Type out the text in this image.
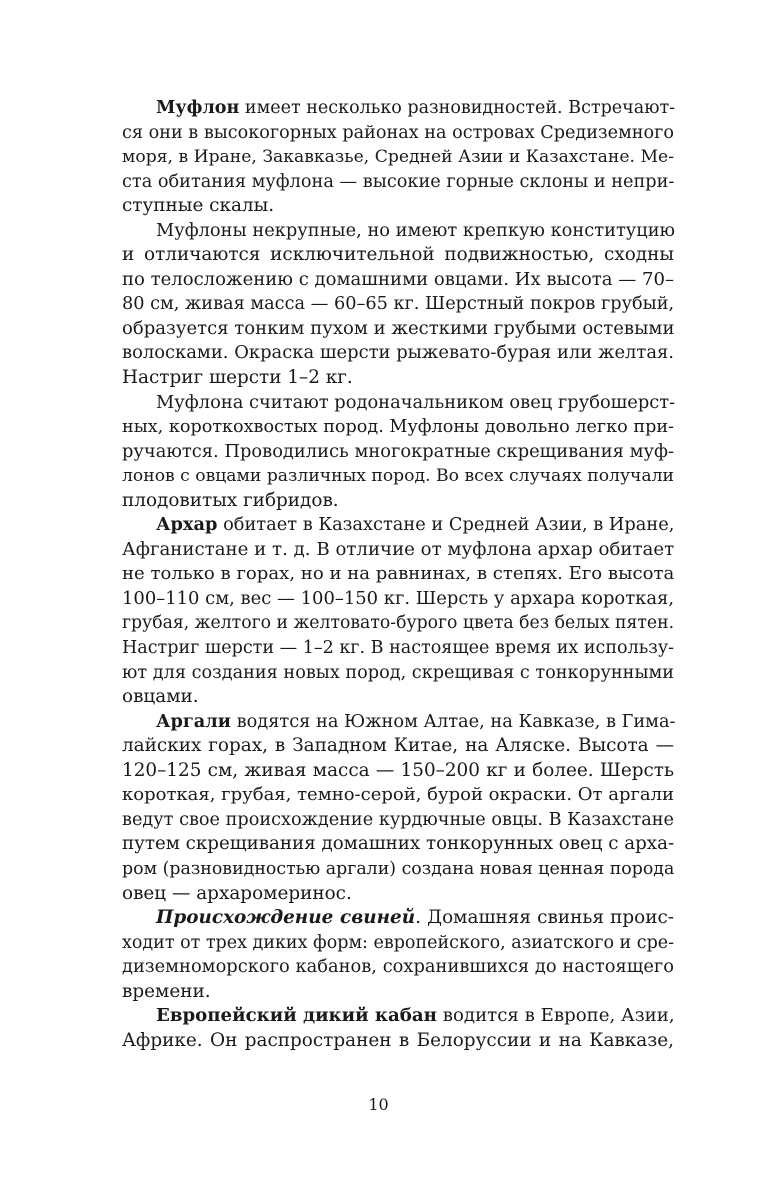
Муфлон имеет несколько разновидностей. Встречают-
ся они в высокогорных районах на островах Средиземного
моря, в Иране, Закавказье, Средней Азии и Казахстане. Ме-
ста обитания муфлона — высокие горные склоны и непри-
ступные скалы.

Муфлоны некрупные, но имеют крепкую конституцию
и отличаются исключительной подвижностью, сходны
по телосложению с домашними овцами. Их высота — 70–
80 см, живая масса — 60–65 кг. Шерстный покров грубый,
образуется тонким пухом и жесткими грубыми остевыми
волосками. Окраска шерсти рыжевато-бурая или желтая.
Настриг шерсти 1–2 кг.

Муфлона считают родоначальником овец грубошерст-
ных, короткохвостых пород. Муфлоны довольно легко при-
ручаются. Проводились многократные скрещивания муф-
лонов с овцами различных пород. Во всех случаях получали
плодовитых гибридов.

Архар обитает в Казахстане и Средней Азии, в Иране,
Афганистане и т. д. В отличие от муфлона архар обитает
не только в горах, но и на равнинах, в степях. Его высота
100–110 см, вес — 100–150 кг. Шерсть у архара короткая,
грубая, желтого и желтовато-бурого цвета без белых пятен.
Настриг шерсти — 1–2 кг. В настоящее время их использу-
ют для создания новых пород, скрещивая с тонкорунными
овцами.

Аргали водятся на Южном Алтае, на Кавказе, в Гима-
лайских горах, в Западном Китае, на Аляске. Высота —
120–125 см, живая масса — 150–200 кг и более. Шерсть
короткая, грубая, темно-серой, бурой окраски. От аргали
ведут свое происхождение курдючные овцы. В Казахстане
путем скрещивания домашних тонкорунных овец с арха-
ром (разновидностью аргали) создана новая ценная порода
овец — архаромеринос.

Происхождение свиней. Домашняя свинья проис-
ходит от трех диких форм: европейского, азиатского и сре-
диземноморского кабанов, сохранившихся до настоящего
времени.

Европейский дикий кабан водится в Европе, Азии,
Африке. Он распространен в Белоруссии и на Кавказе,

10
